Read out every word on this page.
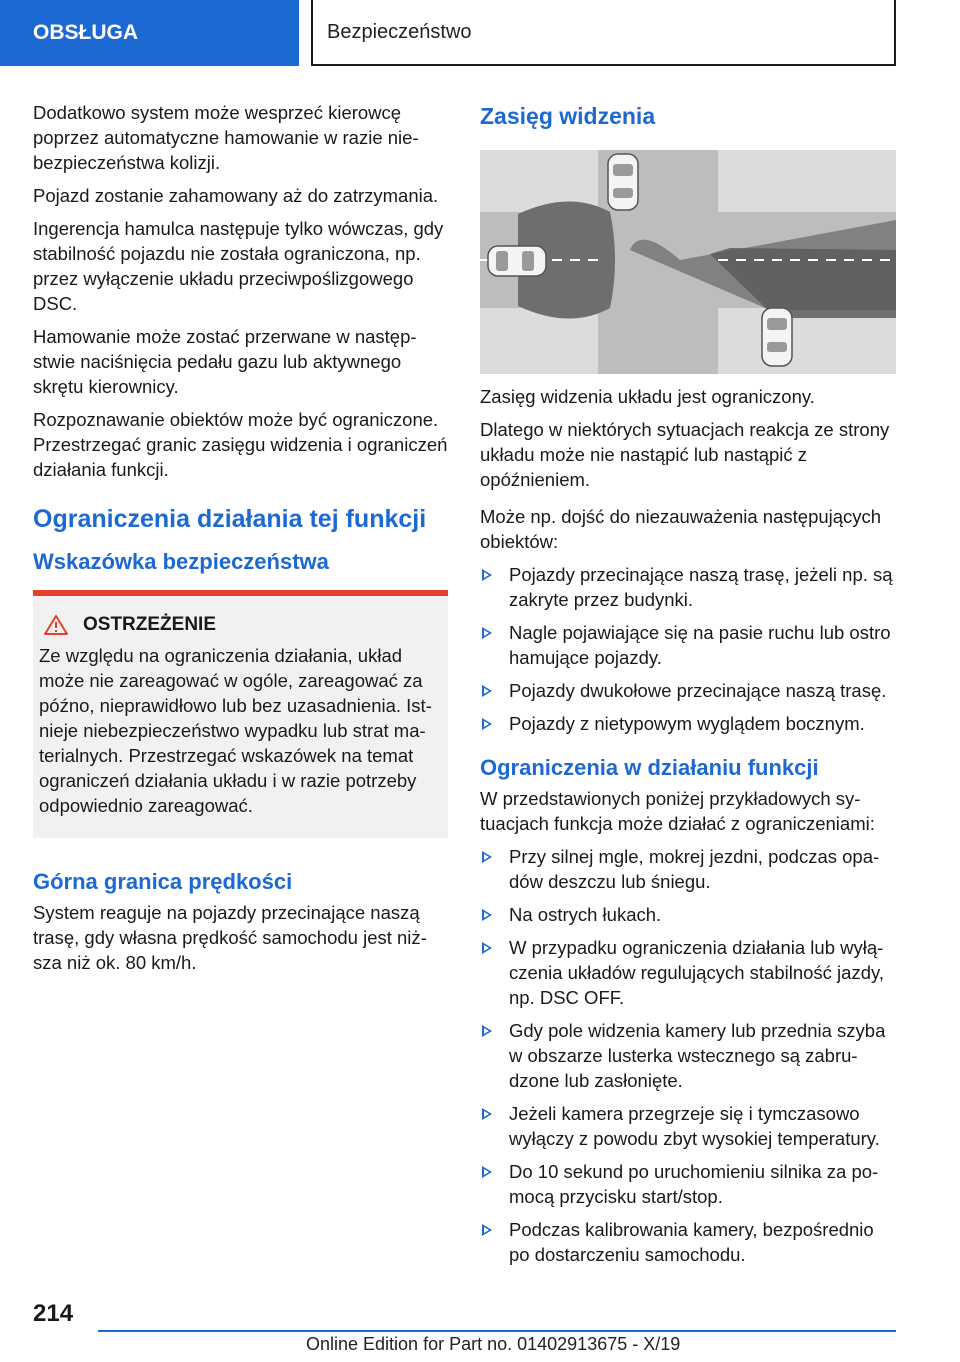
OBSŁUGA	Bezpieczeństwo

Dodatkowo system może wesprzeć kierowcę poprzez automatyczne hamowanie w razie niebezpieczeństwa kolizji.

Pojazd zostanie zahamowany aż do zatrzymania.

Ingerencja hamulca następuje tylko wówczas, gdy stabilność pojazdu nie została ograniczona, np. przez wyłączenie układu przeciwpoślizgowego DSC.

Hamowanie może zostać przerwane w następstwie naciśnięcia pedału gazu lub aktywnego skrętu kierownicy.

Rozpoznawanie obiektów może być ograniczone. Przestrzegać granic zasięgu widzenia i ograniczeń działania funkcji.

Ograniczenia działania tej funkcji
Wskazówka bezpieczeństwa
OSTRZEŻENIE

Ze względu na ograniczenia działania, układ może nie zareagować w ogóle, zareagować za późno, nieprawidłowo lub bez uzasadnienia. Istnieje niebezpieczeństwo wypadku lub strat materialnych. Przestrzegać wskazówek na temat ograniczeń działania układu i w razie potrzeby odpowiednio zareagować.

Górna granica prędkości

System reaguje na pojazdy przecinające naszą trasę, gdy własna prędkość samochodu jest niższa niż ok. 80 km/h.

Zasięg widzenia

Zasięg widzenia układu jest ograniczony.

Dlatego w niektórych sytuacjach reakcja ze strony układu może nie nastąpić lub nastąpić z opóźnieniem.

Może np. dojść do niezauważenia następujących obiektów:

Pojazdy przecinające naszą trasę, jeżeli np. są zakryte przez budynki.
Nagle pojawiające się na pasie ruchu lub ostro hamujące pojazdy.
Pojazdy dwukołowe przecinające naszą trasę.
Pojazdy z nietypowym wyglądem bocznym.
Ograniczenia w działaniu funkcji

W przedstawionych poniżej przykładowych sytuacjach funkcja może działać z ograniczeniami:

Przy silnej mgle, mokrej jezdni, podczas opadów deszczu lub śniegu.
Na ostrych łukach.
W przypadku ograniczenia działania lub wyłączenia układów regulujących stabilność jazdy, np. DSC OFF.
Gdy pole widzenia kamery lub przednia szyba w obszarze lusterka wstecznego są zabrudzone lub zasłonięte.
Jeżeli kamera przegrzeje się i tymczasowo wyłączy z powodu zbyt wysokiej temperatury.
Do 10 sekund po uruchomieniu silnika za pomocą przycisku start/stop.
Podczas kalibrowania kamery, bezpośrednio po dostarczeniu samochodu.
214
Online Edition for Part no. 01402913675 - X/19
